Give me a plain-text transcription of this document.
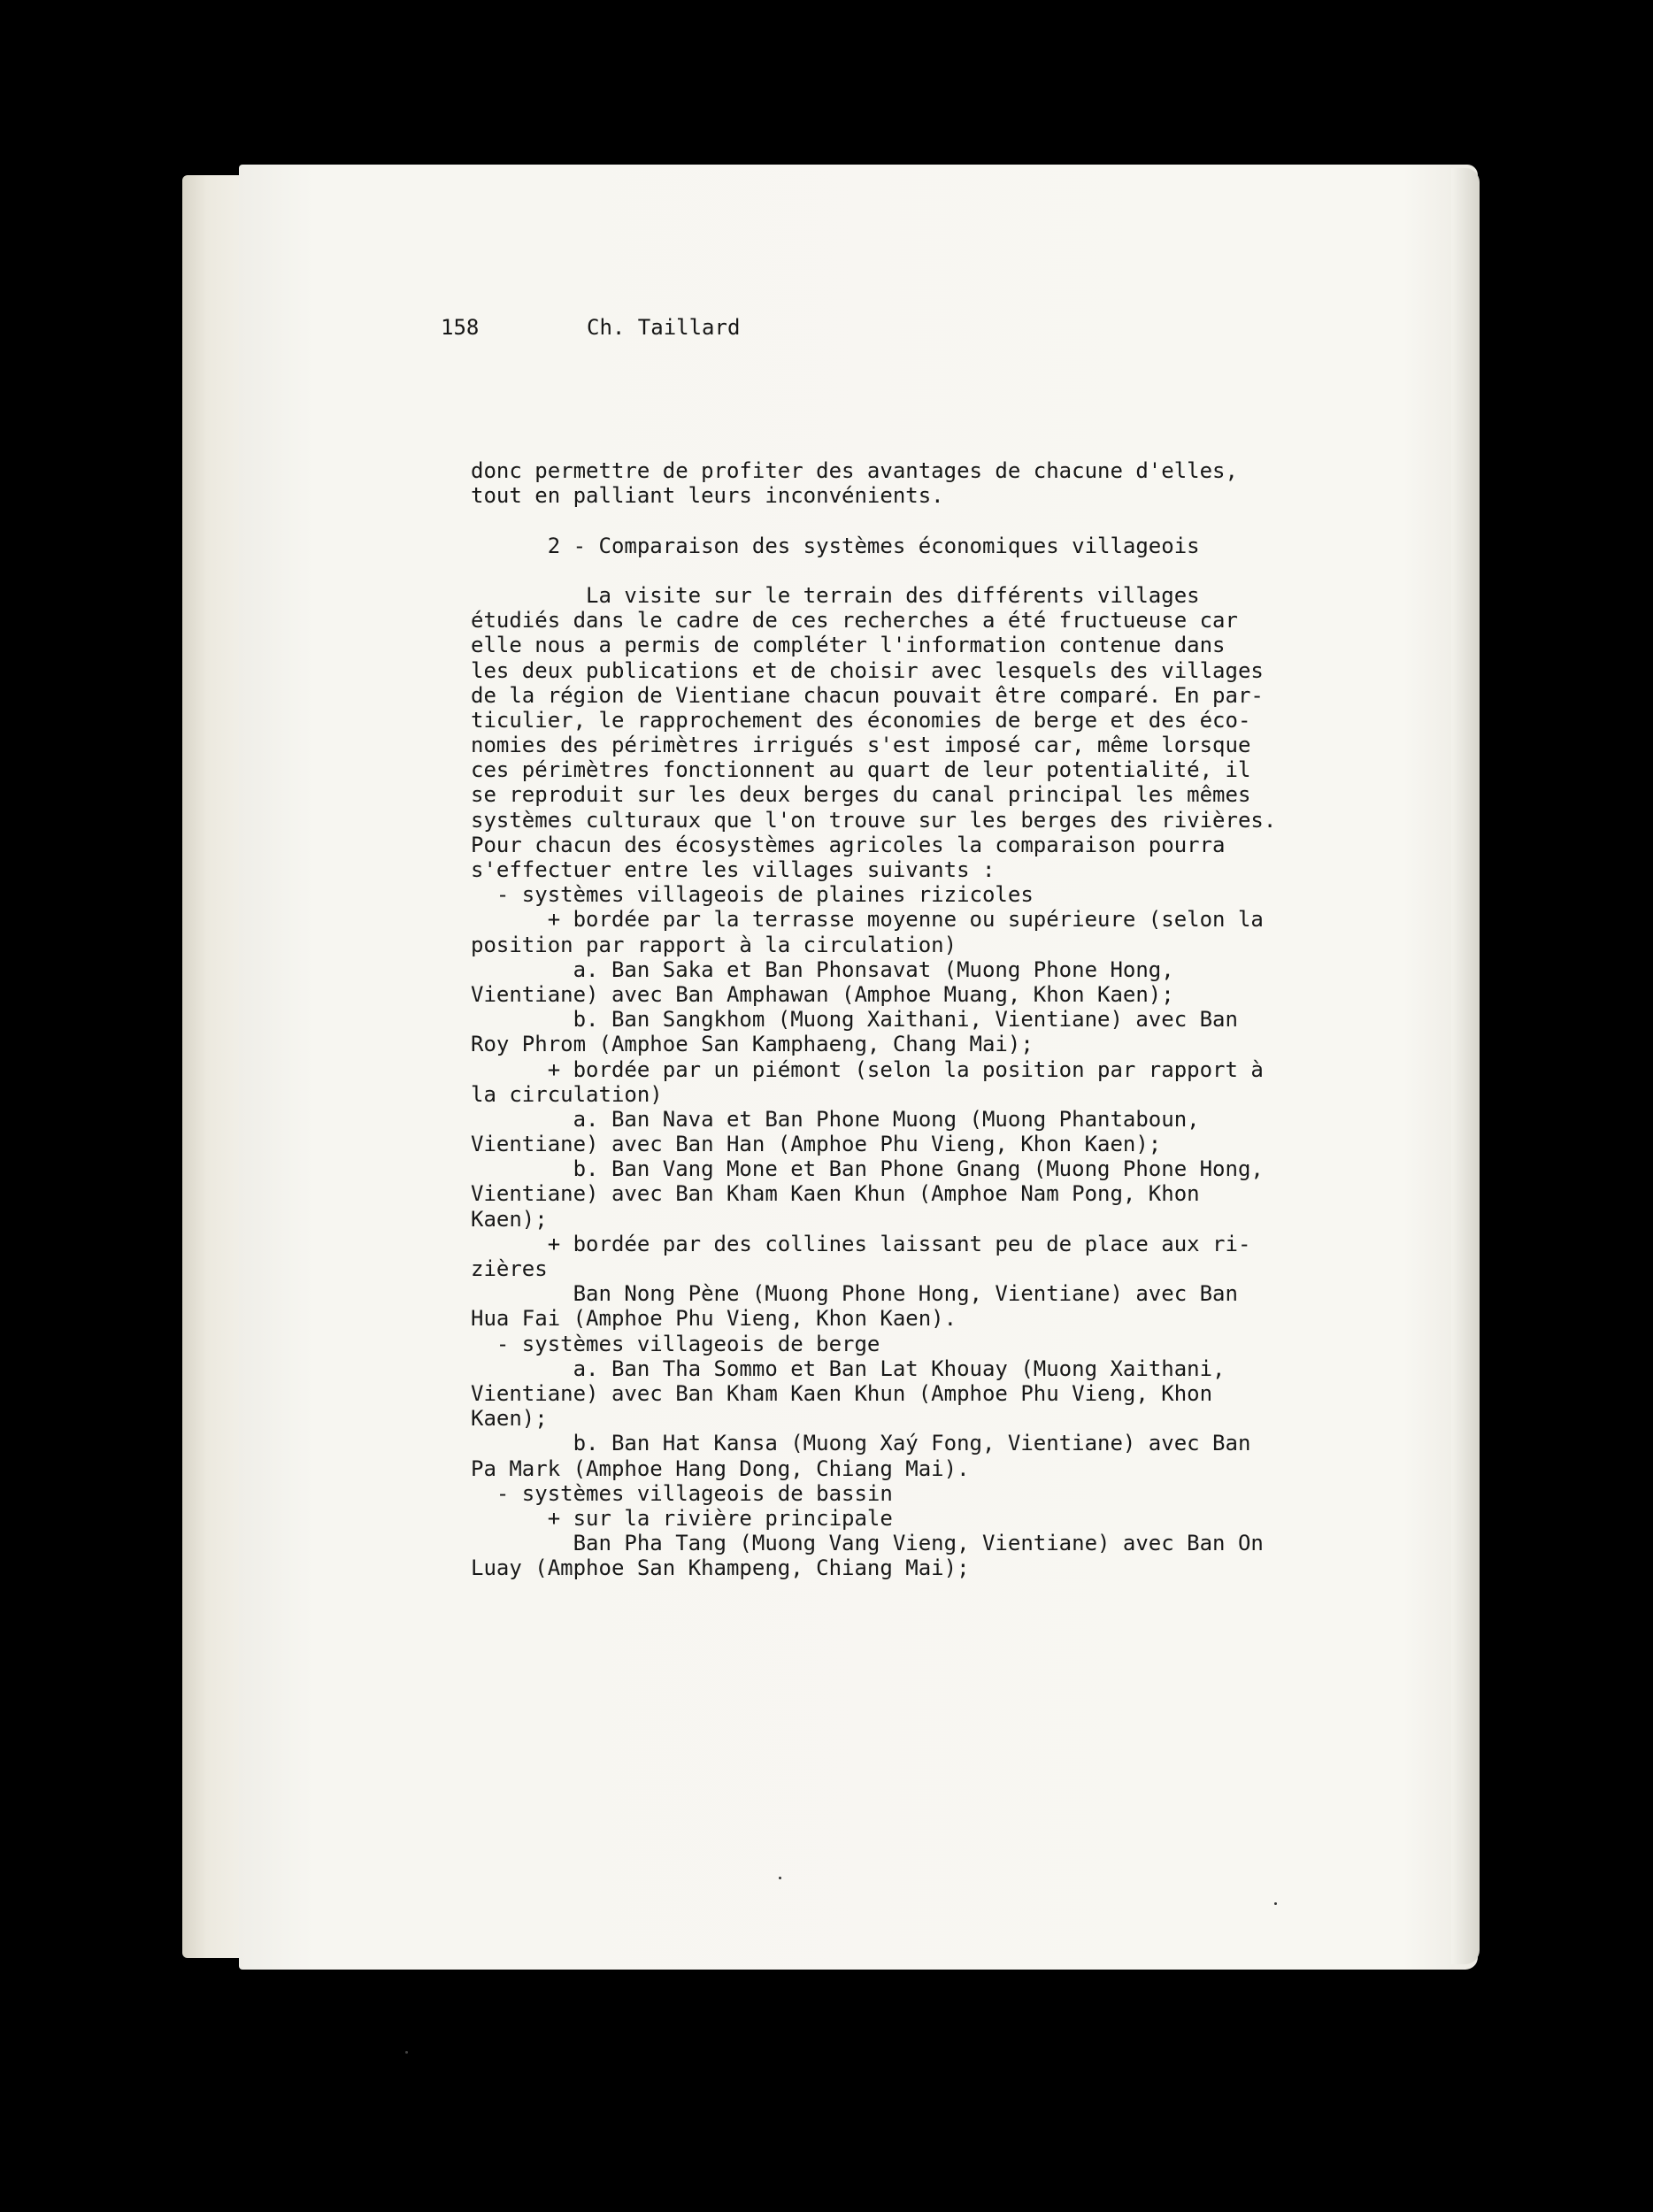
158

	Ch. Taillard

donc permettre de profiter des avantages de chacune d'elles,
tout en palliant leurs inconvénients.
2 - Comparaison des systèmes économiques villageois
La visite sur le terrain des différents villages
étudiés dans le cadre de ces recherches a été fructueuse car
elle nous a permis de compléter l'information contenue dans
les deux publications et de choisir avec lesquels des villages
de la région de Vientiane chacun pouvait être comparé. En par-
ticulier, le rapprochement des économies de berge et des éco-
nomies des périmètres irrigués s'est imposé car, même lorsque
ces périmètres fonctionnent au quart de leur potentialité, il
se reproduit sur les deux berges du canal principal les mêmes
systèmes culturaux que l'on trouve sur les berges des rivières.
Pour chacun des écosystèmes agricoles la comparaison pourra
s'effectuer entre les villages suivants :
- systèmes villageois de plaines rizicoles
+ bordée par la terrasse moyenne ou supérieure (selon la
position par rapport à la circulation)
a. Ban Saka et Ban Phonsavat (Muong Phone Hong,
Vientiane) avec Ban Amphawan (Amphoe Muang, Khon Kaen);
b. Ban Sangkhom (Muong Xaithani, Vientiane) avec Ban
Roy Phrom (Amphoe San Kamphaeng, Chang Mai);
+ bordée par un piémont (selon la position par rapport à
la circulation)
a. Ban Nava et Ban Phone Muong (Muong Phantaboun,
Vientiane) avec Ban Han (Amphoe Phu Vieng, Khon Kaen);
b. Ban Vang Mone et Ban Phone Gnang (Muong Phone Hong,
Vientiane) avec Ban Kham Kaen Khun (Amphoe Nam Pong, Khon
Kaen);
+ bordée par des collines laissant peu de place aux ri-
zières
Ban Nong Pène (Muong Phone Hong, Vientiane) avec Ban
Hua Fai (Amphoe Phu Vieng, Khon Kaen).
- systèmes villageois de berge
a. Ban Tha Sommo et Ban Lat Khouay (Muong Xaithani,
Vientiane) avec Ban Kham Kaen Khun (Amphoe Phu Vieng, Khon
Kaen);
b. Ban Hat Kansa (Muong Xaý Fong, Vientiane) avec Ban
Pa Mark (Amphoe Hang Dong, Chiang Mai).
- systèmes villageois de bassin
+ sur la rivière principale
Ban Pha Tang (Muong Vang Vieng, Vientiane) avec Ban On
Luay (Amphoe San Khampeng, Chiang Mai);
